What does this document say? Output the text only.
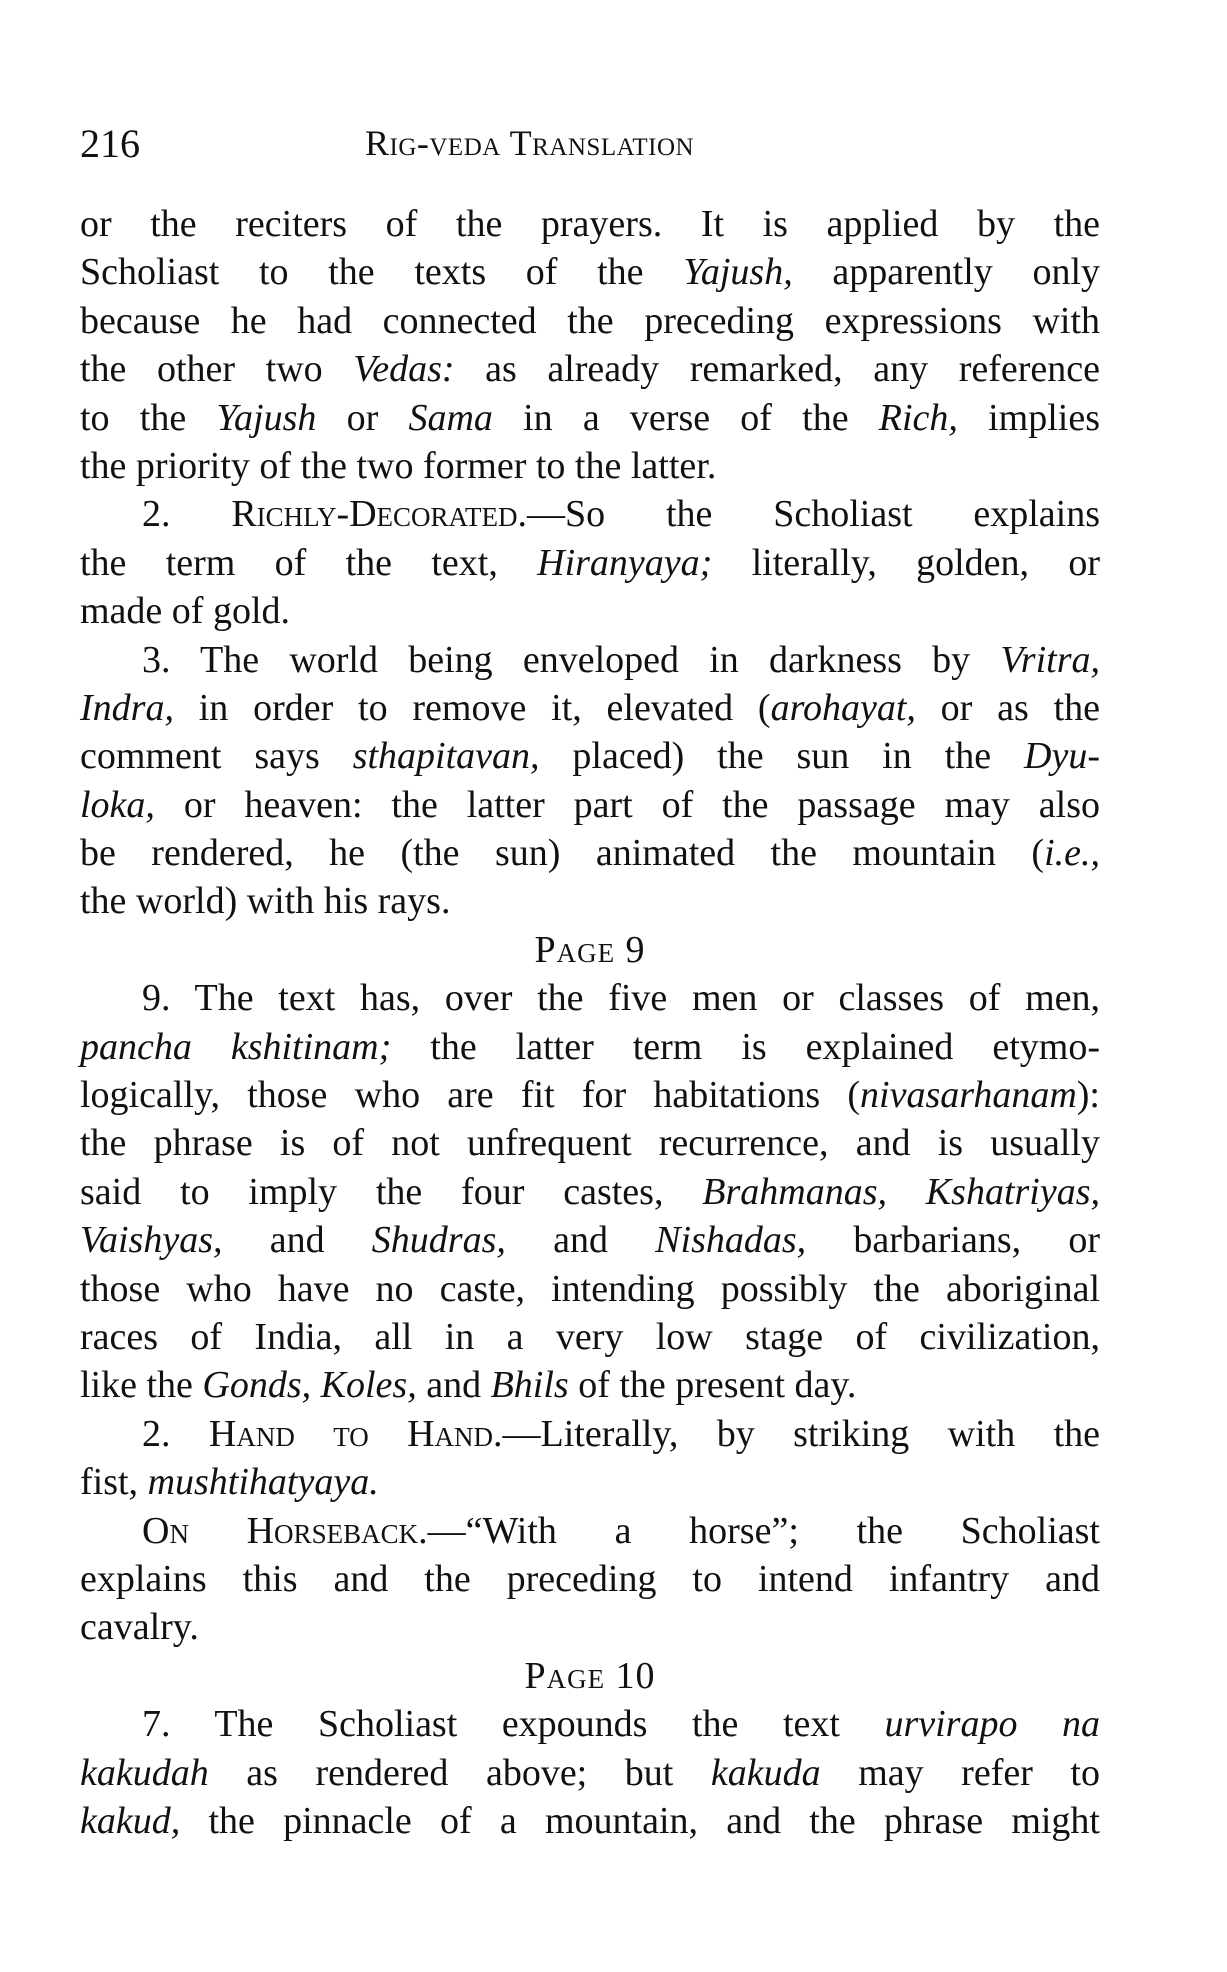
216	Rig-veda Translation
or the reciters of the prayers. It is applied by the
Scholiast to the texts of the Yajush, apparently only
because he had connected the preceding expressions with
the other two Vedas: as already remarked, any reference
to the Yajush or Sama in a verse of the Rich, implies
the priority of the two former to the latter.
2. Richly-Decorated.—So the Scholiast explains
the term of the text, Hiranyaya; literally, golden, or
made of gold.
3. The world being enveloped in darkness by Vritra,
Indra, in order to remove it, elevated (arohayat, or as the
comment says sthapitavan, placed) the sun in the Dyu-
loka, or heaven: the latter part of the passage may also
be rendered, he (the sun) animated the mountain (i.e.,
the world) with his rays.
Page 9
9. The text has, over the five men or classes of men,
pancha kshitinam; the latter term is explained etymo-
logically, those who are fit for habitations (nivasarhanam):
the phrase is of not unfrequent recurrence, and is usually
said to imply the four castes, Brahmanas, Kshatriyas,
Vaishyas, and Shudras, and Nishadas, barbarians, or
those who have no caste, intending possibly the aboriginal
races of India, all in a very low stage of civilization,
like the Gonds, Koles, and Bhils of the present day.
2. Hand to Hand.—Literally, by striking with the
fist, mushtihatyaya.
On Horseback.—“With a horse”; the Scholiast
explains this and the preceding to intend infantry and
cavalry.
Page 10
7. The Scholiast expounds the text urvirapo na
kakudah as rendered above; but kakuda may refer to
kakud, the pinnacle of a mountain, and the phrase might
